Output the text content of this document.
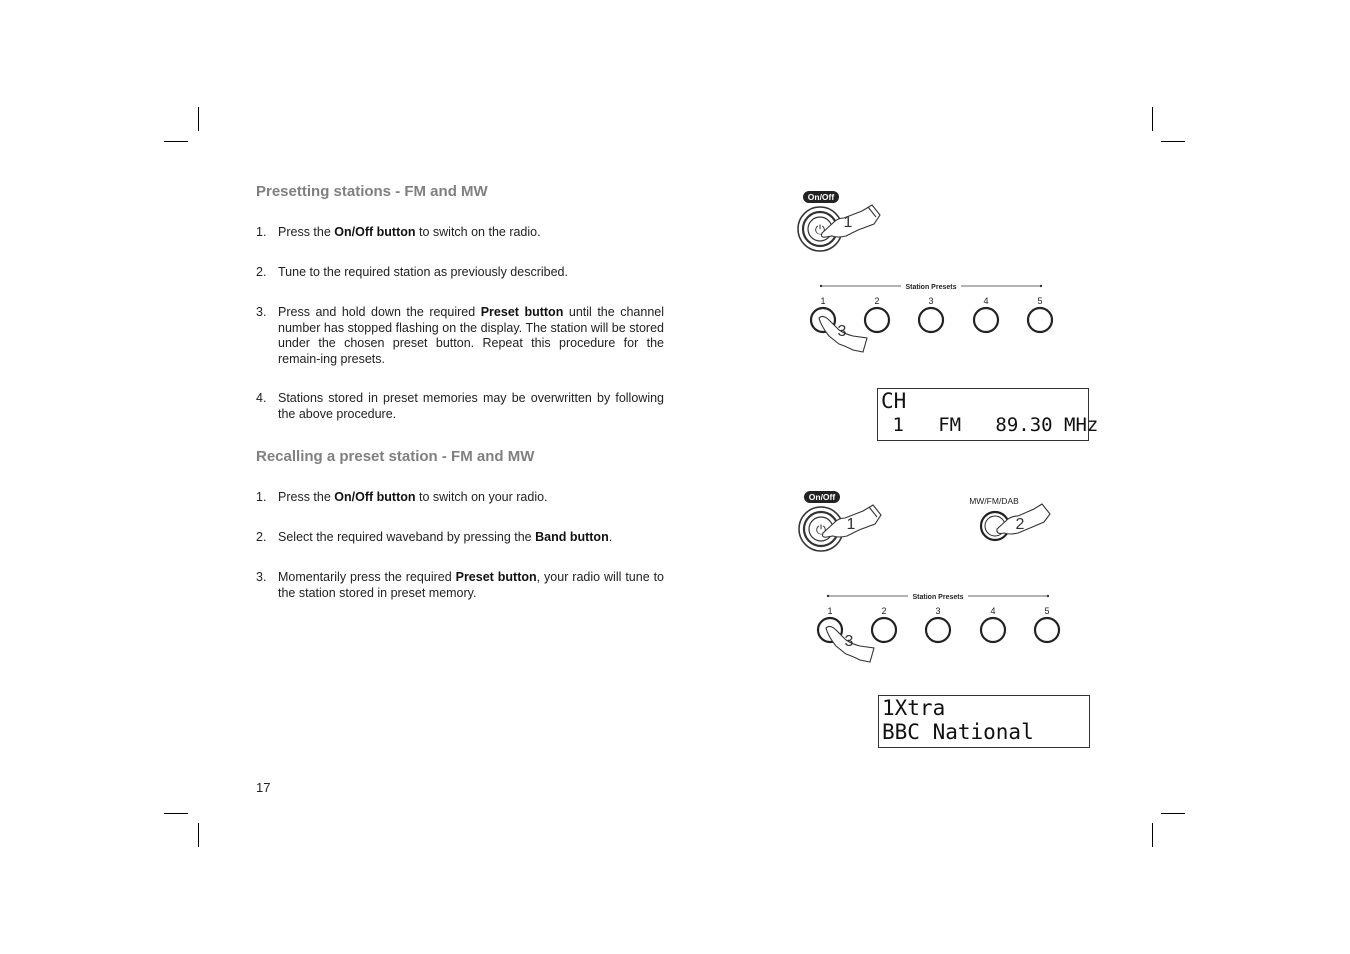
Presetting stations - FM and MW
1. Press the On/Off button to switch on the radio.
2. Tune to the required station as previously described.
3. Press and hold down the required Preset button until the channel number has stopped flashing on the display. The station will be stored under the chosen preset button. Repeat this procedure for the remain-ing presets.
4. Stations stored in preset memories may be overwritten by following the above procedure.
Recalling a preset station - FM and MW
1. Press the On/Off button to switch on your radio.
2. Select the required waveband by pressing the Band button.
3. Momentarily press the required Preset button, your radio will tune to the station stored in preset memory.
17
On/Off
⏻ 1
Station Presets
1	2	3	4	5
3
CH
1   FM   89.30 MHz
On/Off
⏻ 1
MW/FM/DAB
2
Station Presets
1	2	3	4	5
3
1Xtra
BBC National
